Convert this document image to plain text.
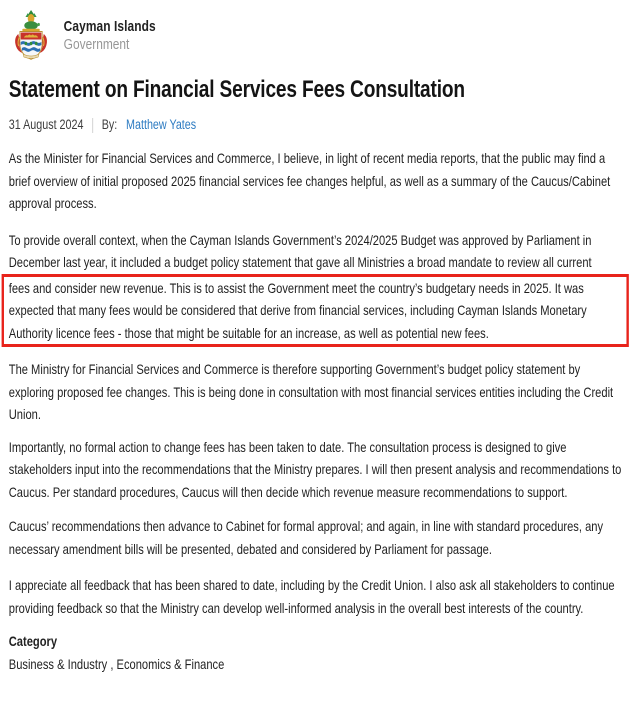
Cayman Islands
Government
Statement on Financial Services Fees Consultation
31 August 2024 By: Matthew Yates

As the Minister for Financial Services and Commerce, I believe, in light of recent media reports, that the public may find a brief overview of initial proposed 2025 financial services fee changes helpful, as well as a summary of the Caucus/Cabinet approval process.

To provide overall context, when the Cayman Islands Government’s 2024/2025 Budget was approved by Parliament in December last year, it included a budget policy statement that gave all Ministries a broad mandate to review all current
fees and consider new revenue. This is to assist the Government meet the country’s budgetary needs in 2025. It was expected that many fees would be considered that derive from financial services, including Cayman Islands Monetary Authority licence fees - those that might be suitable for an increase, as well as potential new fees.

The Ministry for Financial Services and Commerce is therefore supporting Government’s budget policy statement by exploring proposed fee changes. This is being done in consultation with most financial services entities including the Credit Union.

Importantly, no formal action to change fees has been taken to date. The consultation process is designed to give stakeholders input into the recommendations that the Ministry prepares. I will then present analysis and recommendations to Caucus. Per standard procedures, Caucus will then decide which revenue measure recommendations to support.

Caucus’ recommendations then advance to Cabinet for formal approval; and again, in line with standard procedures, any necessary amendment bills will be presented, debated and considered by Parliament for passage.

I appreciate all feedback that has been shared to date, including by the Credit Union. I also ask all stakeholders to continue providing feedback so that the Ministry can develop well-informed analysis in the overall best interests of the country.

Category
Business & Industry , Economics & Finance
